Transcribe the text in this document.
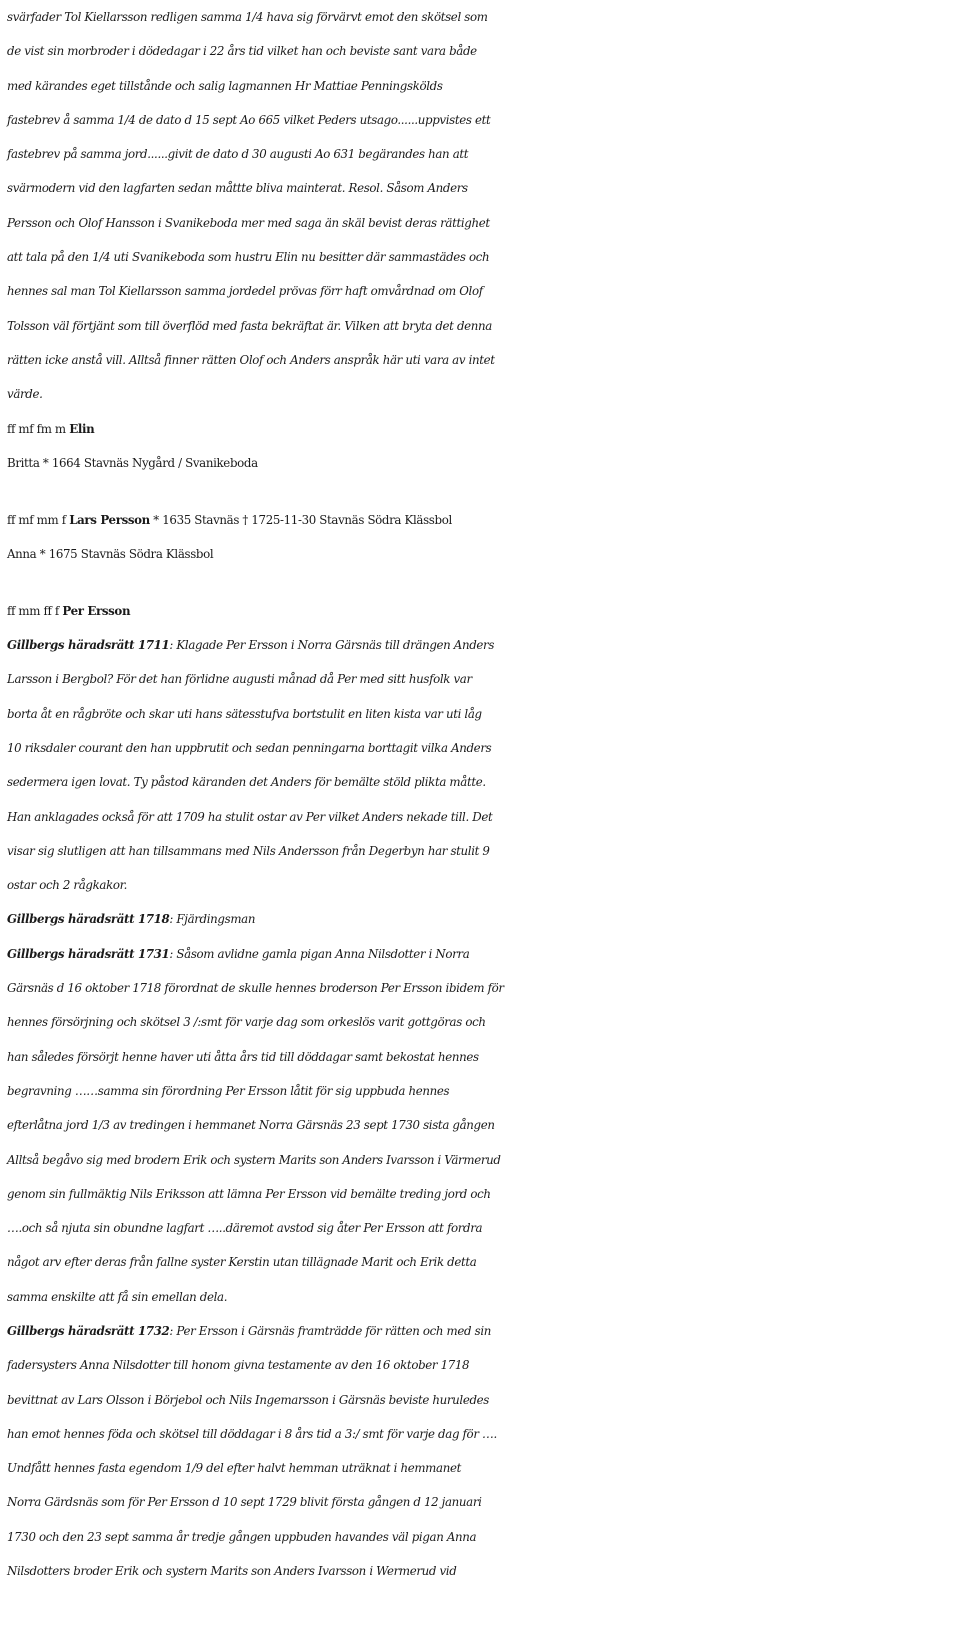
svärfader Tol Kiellarsson redligen samma 1/4 hava sig förvärvt emot den skötsel som
de vist sin morbroder i dödedagar i 22 års tid vilket han och beviste sant vara både
med kärandes eget tillstånde och salig lagmannen Hr Mattiae Penningskölds
fastebrev å samma 1/4 de dato d 15 sept Ao 665 vilket Peders utsago......uppvistes ett
fastebrev på samma jord......givit de dato d 30 augusti Ao 631 begärandes han att
svärmodern vid den lagfarten sedan måttte bliva mainterat. Resol. Såsom Anders
Persson och Olof Hansson i Svanikeboda mer med saga än skäl bevist deras rättighet
att tala på den 1/4 uti Svanikeboda som hustru Elin nu besitter där sammastädes och
hennes sal man Tol Kiellarsson samma jordedel prövas förr haft omvårdnad om Olof
Tolsson väl förtjänt som till överflöd med fasta bekräftat är. Vilken att bryta det denna
rätten icke anstå vill. Alltså finner rätten Olof och Anders anspråk här uti vara av intet
värde.
ff mf fm m Elin
Britta * 1664 Stavnäs Nygård / Svanikeboda
ff mf mm f Lars Persson * 1635 Stavnäs † 1725-11-30 Stavnäs Södra Klässbol
Anna * 1675 Stavnäs Södra Klässbol
ff mm ff f Per Ersson
Gillbergs häradsrätt 1711: Klagade Per Ersson i Norra Gärsnäs till drängen Anders
Larsson i Bergbol? För det han förlidne augusti månad då Per med sitt husfolk var
borta åt en rågbröte och skar uti hans sätesstufva bortstulit en liten kista var uti låg
10 riksdaler courant den han uppbrutit och sedan penningarna borttagit vilka Anders
sedermera igen lovat. Ty påstod käranden det Anders för bemälte stöld plikta måtte.
Han anklagades också för att 1709 ha stulit ostar av Per vilket Anders nekade till. Det
visar sig slutligen att han tillsammans med Nils Andersson från Degerbyn har stulit 9
ostar och 2 rågkakor.
Gillbergs häradsrätt 1718: Fjärdingsman
Gillbergs häradsrätt 1731: Såsom avlidne gamla pigan Anna Nilsdotter i Norra
Gärsnäs d 16 oktober 1718 förordnat de skulle hennes broderson Per Ersson ibidem för
hennes försörjning och skötsel 3 /:smt för varje dag som orkeslös varit gottgöras och
han således försörjt henne haver uti åtta års tid till döddagar samt bekostat hennes
begravning ……samma sin förordning Per Ersson låtit för sig uppbuda hennes
efterlåtna jord 1/3 av tredingen i hemmanet Norra Gärsnäs 23 sept 1730 sista gången
Alltså begåvo sig med brodern Erik och systern Marits son Anders Ivarsson i Värmerud
genom sin fullmäktig Nils Eriksson att lämna Per Ersson vid bemälte treding jord och
….och så njuta sin obundne lagfart …..däremot avstod sig åter Per Ersson att fordra
något arv efter deras från fallne syster Kerstin utan tillägnade Marit och Erik detta
samma enskilte att få sin emellan dela.
Gillbergs häradsrätt 1732: Per Ersson i Gärsnäs framträdde för rätten och med sin
fadersysters Anna Nilsdotter till honom givna testamente av den 16 oktober 1718
bevittnat av Lars Olsson i Börjebol och Nils Ingemarsson i Gärsnäs beviste huruledes
han emot hennes föda och skötsel till döddagar i 8 års tid a 3:/ smt för varje dag för ….
Undfått hennes fasta egendom 1/9 del efter halvt hemman uträknat i hemmanet
Norra Gärdsnäs som för Per Ersson d 10 sept 1729 blivit första gången d 12 januari
1730 och den 23 sept samma år tredje gången uppbuden havandes väl pigan Anna
Nilsdotters broder Erik och systern Marits son Anders Ivarsson i Wermerud vid
